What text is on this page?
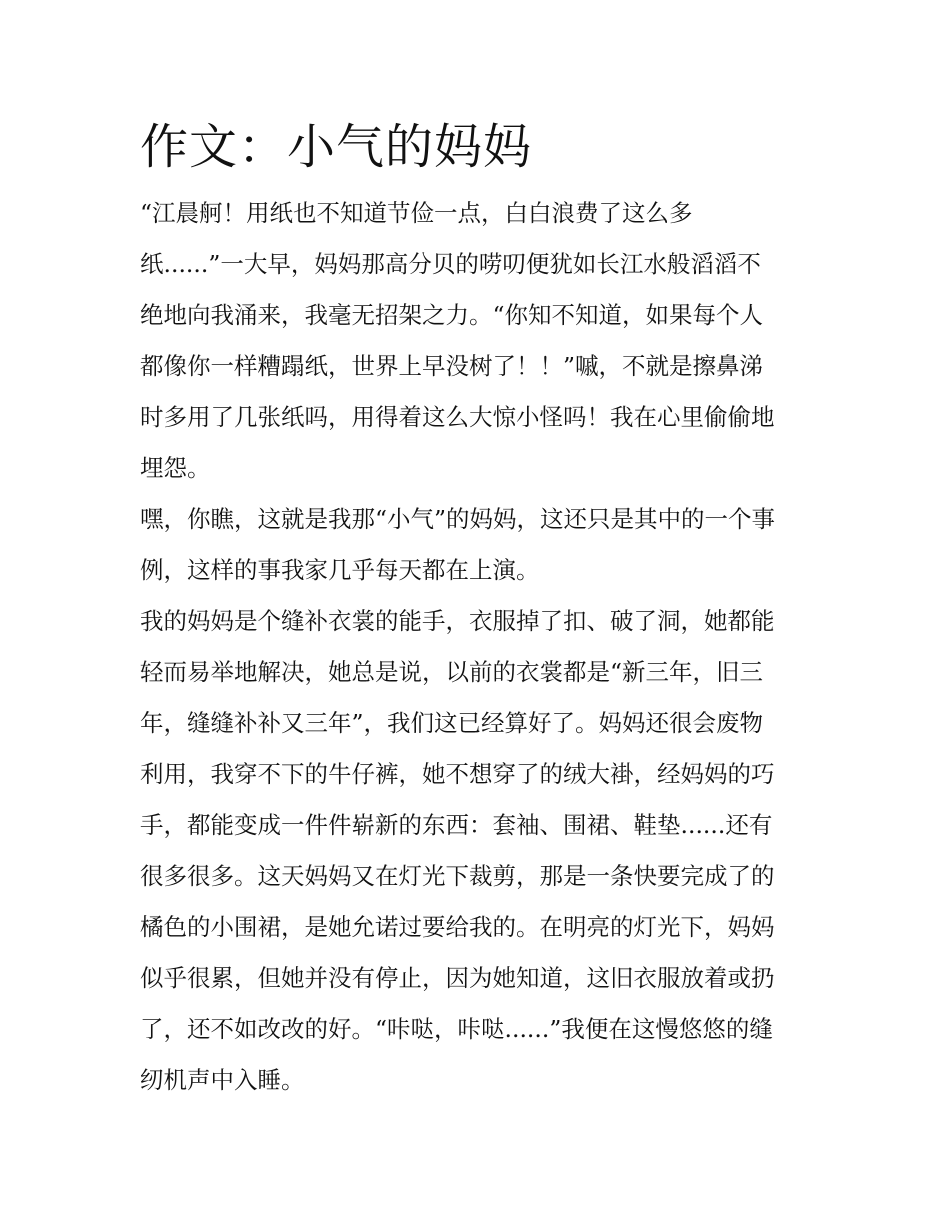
作文：小气的妈妈
“江晨舸！用纸也不知道节俭一点，白白浪费了这么多
纸......”一大早，妈妈那高分贝的唠叨便犹如长江水般滔滔不
绝地向我涌来，我毫无招架之力。“你知不知道，如果每个人
都像你一样糟蹋纸，世界上早没树了！！”嘁，不就是擦鼻涕
时多用了几张纸吗，用得着这么大惊小怪吗！我在心里偷偷地
埋怨。
嘿，你瞧，这就是我那“小气”的妈妈，这还只是其中的一个事
例，这样的事我家几乎每天都在上演。
我的妈妈是个缝补衣裳的能手，衣服掉了扣、破了洞，她都能
轻而易举地解决，她总是说，以前的衣裳都是“新三年，旧三
年，缝缝补补又三年”，我们这已经算好了。妈妈还很会废物
利用，我穿不下的牛仔裤，她不想穿了的绒大褂，经妈妈的巧
手，都能变成一件件崭新的东西：套袖、围裙、鞋垫......还有
很多很多。这天妈妈又在灯光下裁剪，那是一条快要完成了的
橘色的小围裙，是她允诺过要给我的。在明亮的灯光下，妈妈
似乎很累，但她并没有停止，因为她知道，这旧衣服放着或扔
了，还不如改改的好。“咔哒，咔哒......”我便在这慢悠悠的缝
纫机声中入睡。
